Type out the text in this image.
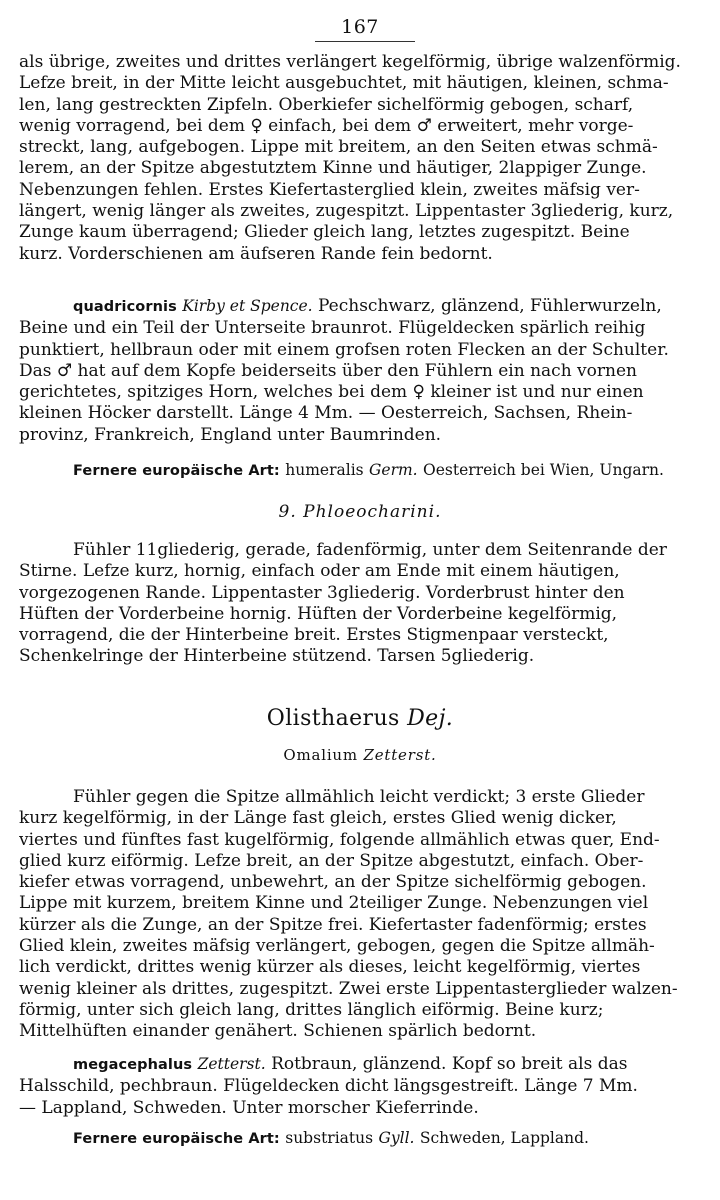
167
als übrige, zweites und drittes verlängert kegelförmig, übrige walzenförmig.
Lefze breit, in der Mitte leicht ausgebuchtet, mit häutigen, kleinen, schma-
len, lang gestreckten Zipfeln. Oberkiefer sichelförmig gebogen, scharf,
wenig vorragend, bei dem ♀ einfach, bei dem ♂ erweitert, mehr vorge-
streckt, lang, aufgebogen. Lippe mit breitem, an den Seiten etwas schmä-
lerem, an der Spitze abgestutztem Kinne und häutiger, 2lappiger Zunge.
Nebenzungen fehlen. Erstes Kiefertasterglied klein, zweites mäfsig ver-
längert, wenig länger als zweites, zugespitzt. Lippentaster 3gliederig, kurz,
Zunge kaum überragend; Glieder gleich lang, letztes zugespitzt. Beine
kurz. Vorderschienen am äufseren Rande fein bedornt.
quadricornis Kirby et Spence. Pechschwarz, glänzend, Fühlerwurzeln,
Beine und ein Teil der Unterseite braunrot. Flügeldecken spärlich reihig
punktiert, hellbraun oder mit einem grofsen roten Flecken an der Schulter.
Das ♂ hat auf dem Kopfe beiderseits über den Fühlern ein nach vornen
gerichtetes, spitziges Horn, welches bei dem ♀ kleiner ist und nur einen
kleinen Höcker darstellt. Länge 4 Mm. — Oesterreich, Sachsen, Rhein-
provinz, Frankreich, England unter Baumrinden.
Fernere europäische Art: humeralis Germ. Oesterreich bei Wien, Ungarn.
9. Phloeocharini.
Fühler 11gliederig, gerade, fadenförmig, unter dem Seitenrande der
Stirne. Lefze kurz, hornig, einfach oder am Ende mit einem häutigen,
vorgezogenen Rande. Lippentaster 3gliederig. Vorderbrust hinter den
Hüften der Vorderbeine hornig. Hüften der Vorderbeine kegelförmig,
vorragend, die der Hinterbeine breit. Erstes Stigmenpaar versteckt,
Schenkelringe der Hinterbeine stützend. Tarsen 5gliederig.
Olisthaerus Dej.
Omalium Zetterst.
Fühler gegen die Spitze allmählich leicht verdickt; 3 erste Glieder
kurz kegelförmig, in der Länge fast gleich, erstes Glied wenig dicker,
viertes und fünftes fast kugelförmig, folgende allmählich etwas quer, End-
glied kurz eiförmig. Lefze breit, an der Spitze abgestutzt, einfach. Ober-
kiefer etwas vorragend, unbewehrt, an der Spitze sichelförmig gebogen.
Lippe mit kurzem, breitem Kinne und 2teiliger Zunge. Nebenzungen viel
kürzer als die Zunge, an der Spitze frei. Kiefertaster fadenförmig; erstes
Glied klein, zweites mäfsig verlängert, gebogen, gegen die Spitze allmäh-
lich verdickt, drittes wenig kürzer als dieses, leicht kegelförmig, viertes
wenig kleiner als drittes, zugespitzt. Zwei erste Lippentasterglieder walzen-
förmig, unter sich gleich lang, drittes länglich eiförmig. Beine kurz;
Mittelhüften einander genähert. Schienen spärlich bedornt.
megacephalus Zetterst. Rotbraun, glänzend. Kopf so breit als das
Halsschild, pechbraun. Flügeldecken dicht längsgestreift. Länge 7 Mm.
— Lappland, Schweden. Unter morscher Kieferrinde.
Fernere europäische Art: substriatus Gyll. Schweden, Lappland.
